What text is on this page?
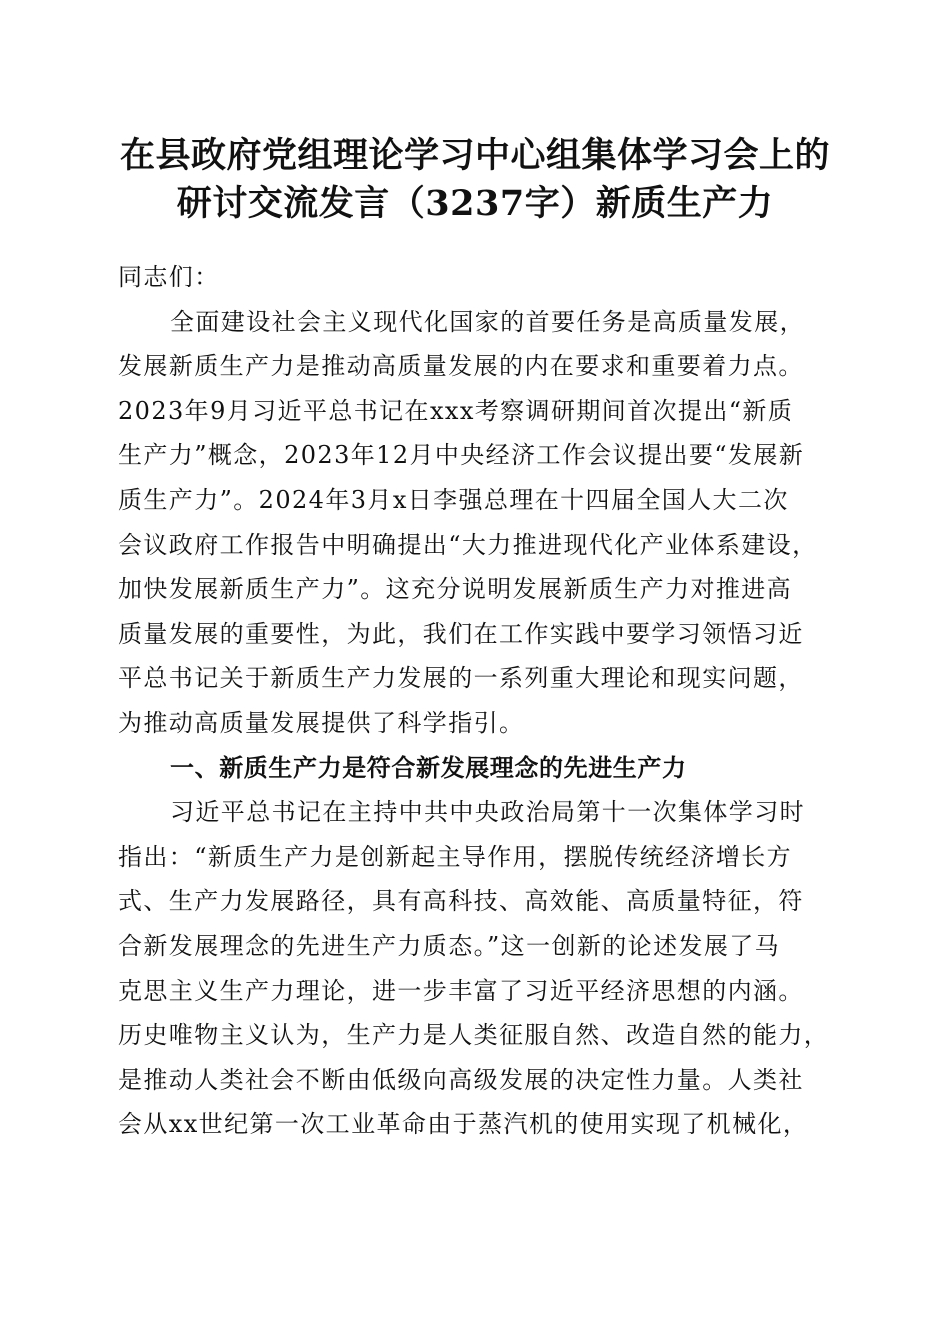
在县政府党组理论学习中心组集体学习会上的
研讨交流发言（3237字）新质生产力
同志们：
全面建设社会主义现代化国家的首要任务是高质量发展，
发展新质生产力是推动高质量发展的内在要求和重要着力点。
2023年9月习近平总书记在xxx考察调研期间首次提出“新质
生产力”概念，2023年12月中央经济工作会议提出要“发展新
质生产力”。2024年3月x日李强总理在十四届全国人大二次
会议政府工作报告中明确提出“大力推进现代化产业体系建设，
加快发展新质生产力”。这充分说明发展新质生产力对推进高
质量发展的重要性，为此，我们在工作实践中要学习领悟习近
平总书记关于新质生产力发展的一系列重大理论和现实问题，
为推动高质量发展提供了科学指引。
一、新质生产力是符合新发展理念的先进生产力
习近平总书记在主持中共中央政治局第十一次集体学习时
指出：“新质生产力是创新起主导作用，摆脱传统经济增长方
式、生产力发展路径，具有高科技、高效能、高质量特征，符
合新发展理念的先进生产力质态。”这一创新的论述发展了马
克思主义生产力理论，进一步丰富了习近平经济思想的内涵。
历史唯物主义认为，生产力是人类征服自然、改造自然的能力，
是推动人类社会不断由低级向高级发展的决定性力量。人类社
会从xx世纪第一次工业革命由于蒸汽机的使用实现了机械化，
